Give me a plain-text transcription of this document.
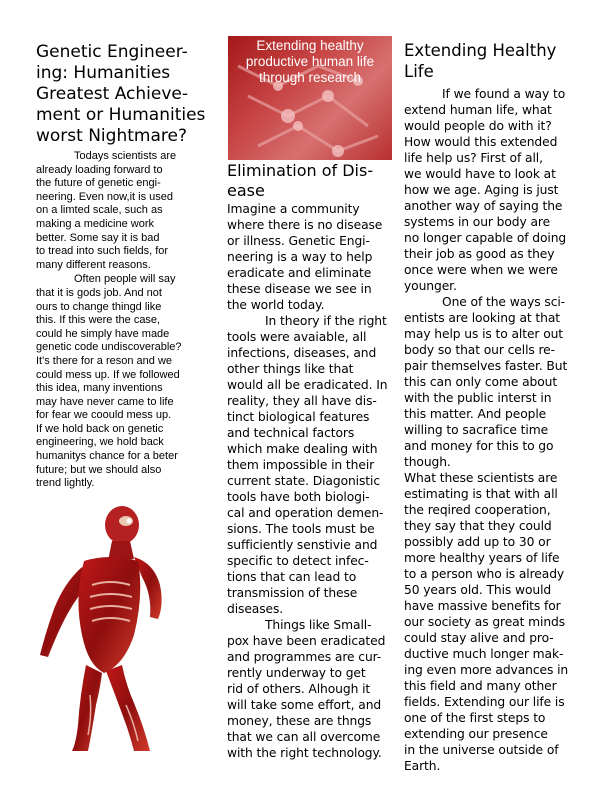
Genetic Engineer-
ing: Humanities
Greatest Achieve-
ment or Humanities
worst Nightmare?
Todays scientists are
already loading forward to
the future of genetic engi-
neering. Even now,it is used
on a limted scale, such as
making a medicine work
better. Some say it is bad
to tread into such fields, for
many different reasons.
Often people will say
that it is gods job. And not
ours to change thingd like
this. If this were the case,
could he simply have made
genetic code undiscoverable?
It's there for a reson and we
could mess up. If we followed
this idea, many inventions
may have never came to life
for fear we coould mess up.
If we hold back on genetic
engineering, we hold back
humanitys chance for a beter
future; but we should also
trend lightly.
Extending healthy
productive human life
through research
Elimination of Dis-
ease
Imagine a community
where there is no disease
or illness. Genetic Engi-
neering is a way to help
eradicate and eliminate
these disease we see in
the world today.
In theory if the right
tools were avaiable, all
infections, diseases, and
other things like that
would all be eradicated. In
reality, they all have dis-
tinct biological features
and technical factors
which make dealing with
them impossible in their
current state. Diagonistic
tools have both biologi-
cal and operation demen-
sions. The tools must be
sufficiently senstivie and
specific to detect infec-
tions that can lead to
transmission of these
diseases.
Things like Small-
pox have been eradicated
and programmes are cur-
rently underway to get
rid of others. Alhough it
will take some effort, and
money, these are thngs
that we can all overcome
with the right technology.
Extending Healthy
Life
If we found a way to
extend human life, what
would people do with it?
How would this extended
life help us? First of all,
we would have to look at
how we age. Aging is just
another way of saying the
systems in our body are
no longer capable of doing
their job as good as they
once were when we were
younger.
One of the ways sci-
entists are looking at that
may help us is to alter out
body so that our cells re-
pair themselves faster. But
this can only come about
with the public interst in
this matter. And people
willing to sacrafice time
and money for this to go
though.
What these scientists are
estimating is that with all
the reqired cooperation,
they say that they could
possibly add up to 30 or
more healthy years of life
to a person who is already
50 years old. This would
have massive benefits for
our society as great minds
could stay alive and pro-
ductive much longer mak-
ing even more advances in
this field and many other
fields. Extending our life is
one of the first steps to
extending our presence
in the universe outside of
Earth.
